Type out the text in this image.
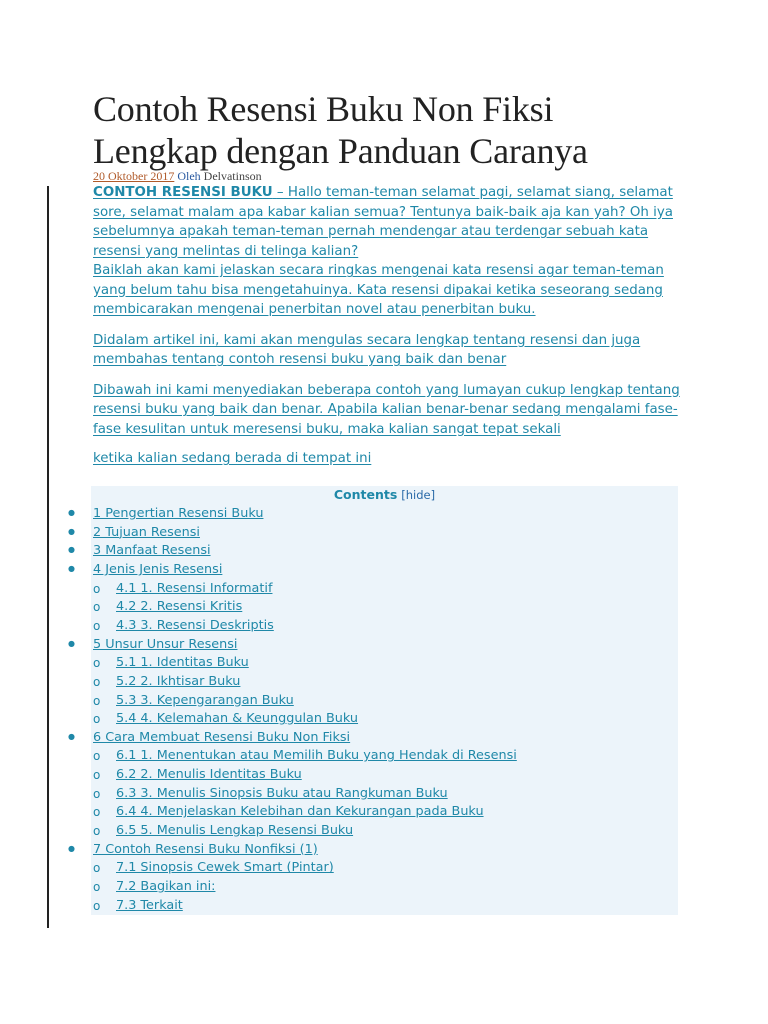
Contoh Resensi Buku Non Fiksi
Lengkap dengan Panduan Caranya
20 Oktober 2017 Oleh Delvatinson

CONTOH RESENSI BUKU – Hallo teman-teman selamat pagi, selamat siang, selamat sore, selamat malam apa kabar kalian semua? Tentunya baik-baik aja kan yah? Oh iya sebelumnya apakah teman-teman pernah mendengar atau terdengar sebuah kata resensi yang melintas di telinga kalian?

Baiklah akan kami jelaskan secara ringkas mengenai kata resensi agar teman-teman yang belum tahu bisa mengetahuinya. Kata resensi dipakai ketika seseorang sedang membicarakan mengenai penerbitan novel atau penerbitan buku.

Didalam artikel ini, kami akan mengulas secara lengkap tentang resensi dan juga membahas tentang contoh resensi buku yang baik dan benar

Dibawah ini kami menyediakan beberapa contoh yang lumayan cukup lengkap tentang resensi buku yang baik dan benar. Apabila kalian benar-benar sedang mengalami fase-fase kesulitan untuk meresensi buku, maka kalian sangat tepat sekali

ketika kalian sedang berada di tempat ini

Contents [hide]
● 1 Pengertian Resensi Buku
● 2 Tujuan Resensi
● 3 Manfaat Resensi
● 4 Jenis Jenis Resensi
o 4.1 1. Resensi Informatif
o 4.2 2. Resensi Kritis
o 4.3 3. Resensi Deskriptis
● 5 Unsur Unsur Resensi
o 5.1 1. Identitas Buku
o 5.2 2. Ikhtisar Buku
o 5.3 3. Kepengarangan Buku
o 5.4 4. Kelemahan & Keunggulan Buku
● 6 Cara Membuat Resensi Buku Non Fiksi
o 6.1 1. Menentukan atau Memilih Buku yang Hendak di Resensi
o 6.2 2. Menulis Identitas Buku
o 6.3 3. Menulis Sinopsis Buku atau Rangkuman Buku
o 6.4 4. Menjelaskan Kelebihan dan Kekurangan pada Buku
o 6.5 5. Menulis Lengkap Resensi Buku
● 7 Contoh Resensi Buku Nonfiksi (1)
o 7.1 Sinopsis Cewek Smart (Pintar)
o 7.2 Bagikan ini:
o 7.3 Terkait
